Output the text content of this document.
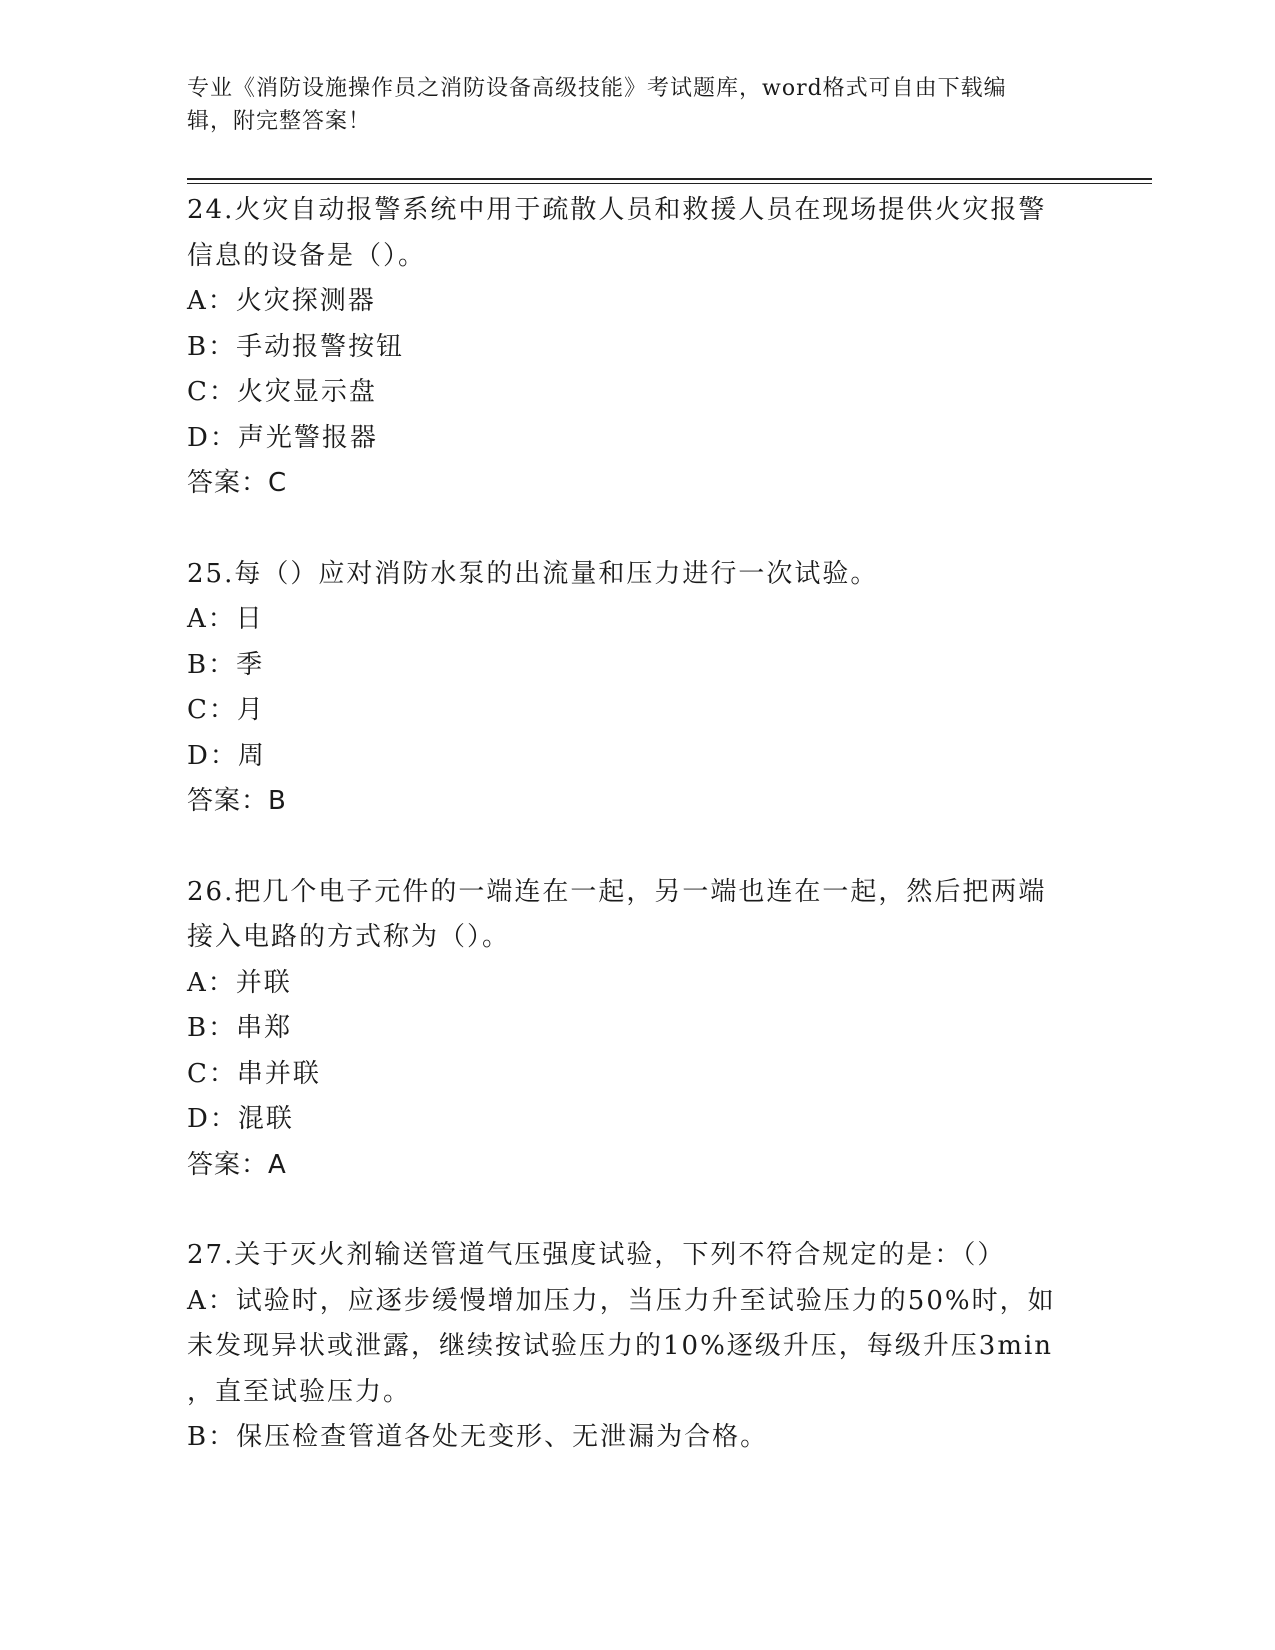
专业《消防设施操作员之消防设备高级技能》考试题库，word格式可自由下载编
辑，附完整答案！
24.火灾自动报警系统中用于疏散人员和救援人员在现场提供火灾报警
信息的设备是（）。
A：火灾探测器
B：手动报警按钮
C：火灾显示盘
D：声光警报器
答案：C
25.每（）应对消防水泵的出流量和压力进行一次试验。
A：日
B：季
C：月
D：周
答案：B
26.把几个电子元件的一端连在一起，另一端也连在一起，然后把两端
接入电路的方式称为（）。
A：并联
B：串郑
C：串并联
D：混联
答案：A
27.关于灭火剂输送管道气压强度试验，下列不符合规定的是：（）
A：试验时，应逐步缓慢增加压力，当压力升至试验压力的50%时，如
未发现异状或泄露，继续按试验压力的10%逐级升压，每级升压3min
，直至试验压力。
B：保压检查管道各处无变形、无泄漏为合格。
